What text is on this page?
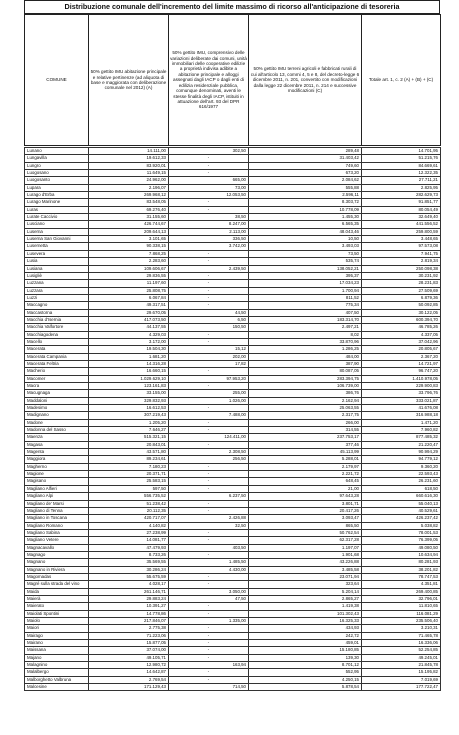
Distribuzione comunale dell'incremento del limite massimo di ricorso all'anticipazione di tesoreria
COMUNE	50% gettito IMU abitazione principale e relative pertinenze (ad aliquota di base e maggiorata con deliberazione comunale nel 2012) (A)	50% gettito IMU, comprensivo delle variazioni deliberate dai comuni, unità immobiliari delle cooperative edilizie a proprietà indivisa adibite a abitazione principale e alloggi assegnati dagli IACP o dagli enti di edilizia residenziale pubblica, comunque denominati, aventi le stesse finalità degli IACP, istituiti in attuazione dell'art. 93 del DPR 616/1977	50% gettito IMU terreni agricoli e fabbricati rurali di cui all'articolo 13, commi 4, 5 e 8, del decreto-legge 6 dicembre 2011, n. 201, convertito con modificazioni dalla legge 22 dicembre 2011, n. 214 e successive modificazioni (C)	Totale art. 1, c. 2 (A) + (B) + (C)
Lunano	14.111,00	302,50	289,48	14.701,95
Lungavilla	19.612,33	-	31.403,42	51.215,76
Lungro	83.920,01	-	749,60	84.669,61
Luogosano	11.649,15	-	673,20	12.322,35
Luogosanto	24.962,00	665,00	2.084,62	27.711,21
Lupara	2.196,07	73,00	555,88	2.825,95
Lurago d'Erba	269.968,12	12.053,50	2.596,11	282.629,73
Lurago Marinone	83.548,05	-	8.303,72	91.851,77
Luras	69.276,40	-	10.778,09	80.054,49
Lurate Caccivio	31.155,60	38,50	1.455,30	32.649,40
Lusciano	426.744,67	8.247,00	6.565,35	441.556,52
Luserna	209.644,13	2.113,00	48.043,46	259.800,59
Luserna San Giovanni	3.101,65	336,50	10,50	3.448,65
Lusernetta	90.338,15	3.742,00	3.493,03	97.573,08
Lusevera	7.868,25	-	73,50	7.941,75
Lusia	2.283,60	-	535,74	2.819,34
Lusiana	109.606,67	2.439,50	138.052,21	250.098,38
Lusigliè	29.836,55	-	395,37	30.231,92
Luzzana	11.197,60	-	17.034,23	28.231,83
Luzzara	25.808,75	-	1.700,94	27.509,69
Luzzi	6.067,84	-	811,52	6.879,36
Maccagno	49.317,51	-	775,34	50.092,85
Maccastorna	29.670,05	44,50	407,50	30.122,05
Macchia d'Isernia	417.073,50	6,50	183.314,70	600.394,70
Macchia Valfortore	44.137,55	150,50	2.497,21	46.785,26
Macchiagodena	4.329,03	-	8,02	4.337,05
Macello	3.172,00	-	33.870,96	37.042,96
Macerata	19.504,30	15,12	1.286,25	20.805,67
Macerata Campania	1.681,20	202,00	484,00	2.367,20
Macerata Feltria	14.316,28	17,82	387,90	14.721,97
Macherio	16.660,15	-	80.087,05	96.747,20
Macomer	1.029.629,10	97.953,20	283.394,75	1.410.978,05
Macra	123.161,83	-	106.739,00	229.900,83
Macugnaga	33.155,00	255,00	386,76	33.796,76
Maddaloni	329.832,93	1.026,00	2.162,94	333.021,87
Madesimo	16.612,53	-	25.063,55	41.676,08
Madignano	307.219,43	7.488,00	2.317,75	316.988,18
Madone	1.205,20	-	266,00	1.471,20
Madonna del Sasso	7.646,27	-	314,55	7.960,82
Maenza	515.321,15	124.411,00	237.753,17	877.485,32
Magasa	20.843,01	-	377,46	21.220,47
Magenta	43.571,80	2.308,50	45.113,99	90.994,29
Maggiora	89.234,61	256,50	5.288,01	94.779,12
Magherno	7.180,23	-	2.179,97	9.360,20
Magione	20.371,71	-	2.221,72	22.593,43
Magisano	25.583,15	-	648,45	26.231,60
Magliano Alfieri	597,50	-	21,00	618,50
Magliano Alpi	556.735,52	6.237,50	97.643,28	660.616,30
Magliano de' Marsi	51.238,42	-	3.801,71	55.040,13
Magliano di Tenna	20.112,35	-	20.417,26	40.529,61
Magliano in Toscana	420.717,07	2.426,88	3.093,47	426.237,42
Magliano Romano	4.140,82	32,50	865,50	5.038,82
Magliano Sabina	27.238,99	-	50.762,54	78.001,53
Magliano Vetere	14.081,77	-	62.317,28	76.399,05
Magnacavallo	47.479,93	403,50	1.197,07	49.080,50
Magnago	8.733,26	-	1.901,68	10.634,94
Magnano	35.569,55	1.485,50	43.226,88	80.281,93
Magnano in Riviera	30.286,24	4.430,00	3.485,58	38.201,82
Magomadas	55.675,59	-	23.071,94	78.747,53
Magré sulla strada del vino	4.028,17	-	323,64	4.351,81
Maida	261.146,71	3.050,00	5.204,14	269.400,85
Maierà	29.883,24	47,50	2.865,27	32.796,01
Maierato	10.391,27	-	1.419,38	11.810,65
Maiolati Spontini	14.778,86	-	101.302,43	116.081,29
Maiolo	217.846,07	1.335,00	16.325,33	235.506,40
Maiori	2.775,38	-	434,93	3.210,31
Mairago	71.223,06	-	242,72	71.465,78
Mairano	15.877,05	-	459,01	16.336,06
Maissana	37.074,00	-	15.180,85	52.254,85
Majano	49.105,71	-	139,30	49.245,01
Malagnino	12.980,72	163,94	8.701,12	21.845,78
Malalbergo	14.642,87	-	552,95	15.195,82
Malborghetto Valbruna	2.769,54	-	4.250,15	7.019,69
Malcesine	171.129,43	714,50	5.878,54	177.722,47
